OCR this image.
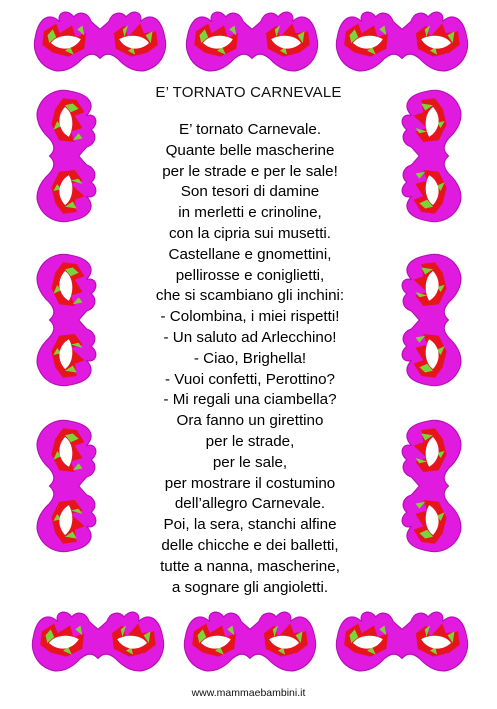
E’ TORNATO CARNEVALE
E’ tornato Carnevale.
Quante belle mascherine
per le strade e per le sale!
Son tesori di damine
in merletti e crinoline,
con la cipria sui musetti.
Castellane e gnomettini,
pellirosse e coniglietti,
che si scambiano gli inchini:
- Colombina, i miei rispetti!
- Un saluto ad Arlecchino!
- Ciao, Brighella!
- Vuoi confetti, Perottino?
- Mi regali una ciambella?
Ora fanno un girettino
per le strade,
per le sale,
per mostrare il costumino
dell’allegro Carnevale.
Poi, la sera, stanchi alfine
delle chicche e dei balletti,
tutte a nanna, mascherine,
a sognare gli angioletti.
www.mammaebambini.it
